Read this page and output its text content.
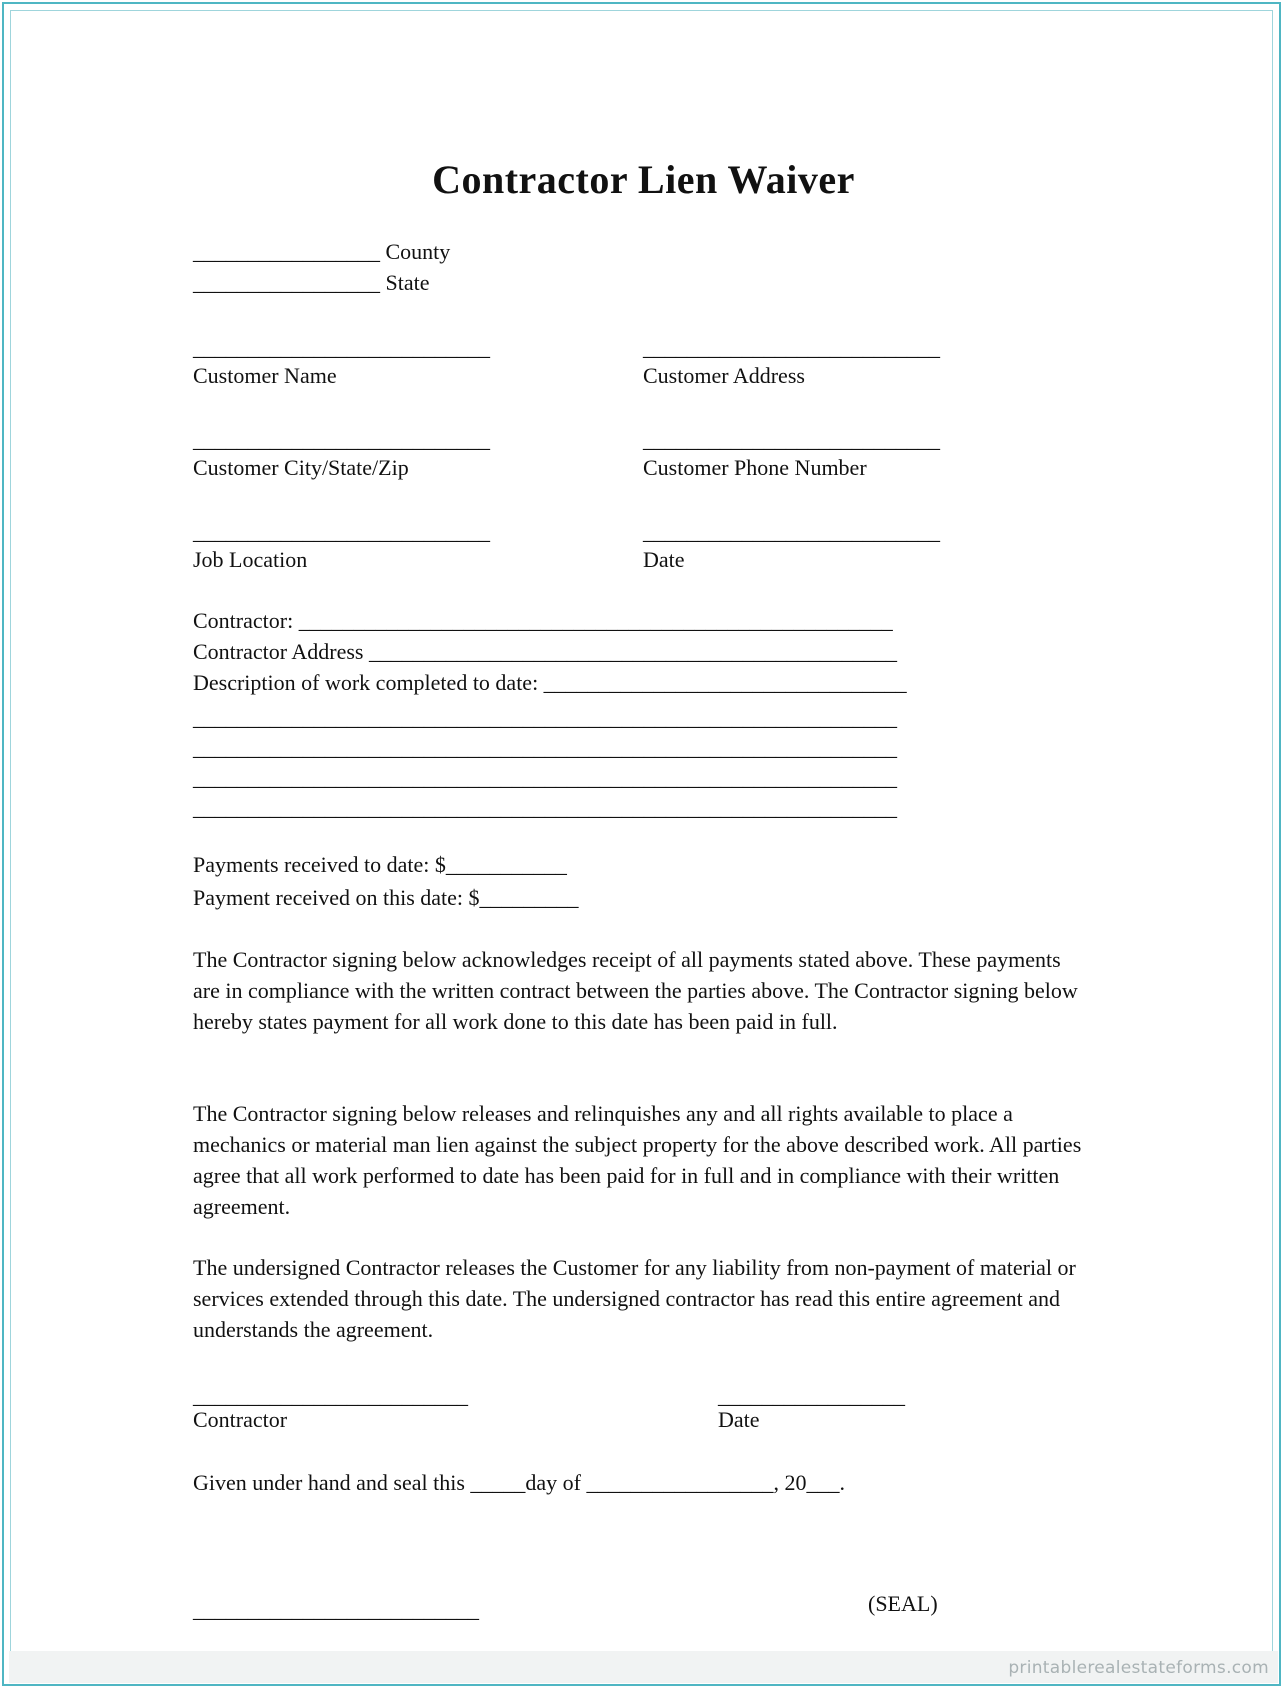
Contractor Lien Waiver
_________________ County
_________________ State
___________________________	___________________________
Customer Name	Customer Address
___________________________	___________________________
Customer City/State/Zip	Customer Phone Number
___________________________	___________________________
Job Location	Date
Contractor: ______________________________________________________
Contractor Address ________________________________________________
Description of work completed to date: _________________________________
________________________________________________________________
________________________________________________________________
________________________________________________________________
________________________________________________________________
Payments received to date: $___________
Payment received on this date: $_________
The Contractor signing below acknowledges receipt of all payments stated above. These payments are in compliance with the written contract between the parties above. The Contractor signing below hereby states payment for all work done to this date has been paid in full.
The Contractor signing below releases and relinquishes any and all rights available to place a mechanics or material man lien against the subject property for the above described work. All parties agree that all work performed to date has been paid for in full and in compliance with their written agreement.
The undersigned Contractor releases the Customer for any liability from non-payment of material or services extended through this date. The undersigned contractor has read this entire agreement and understands the agreement.
_________________________	_________________
Contractor	Date
Given under hand and seal this _____day of _________________, 20___.
__________________________	(SEAL)
printablerealestateforms.com
